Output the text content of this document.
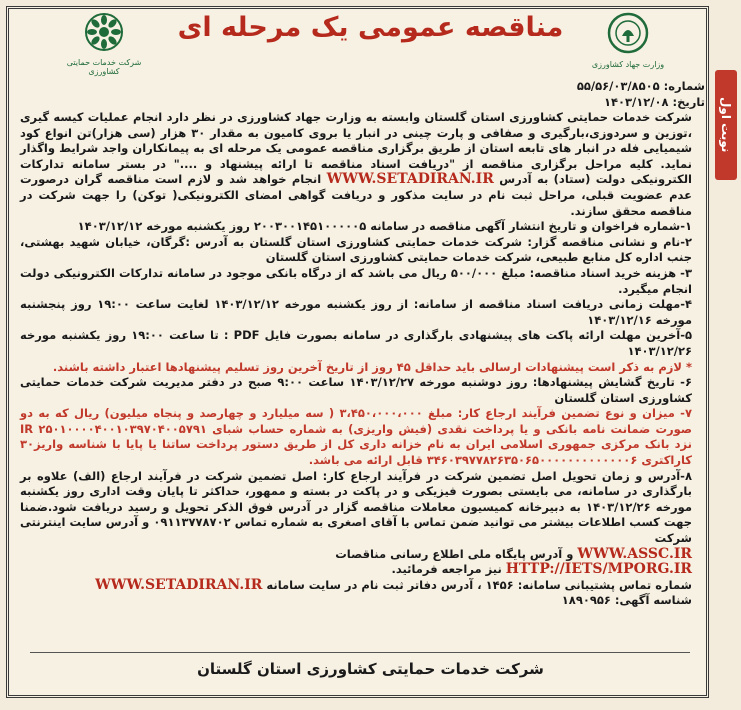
نوبت اول
شرکت خدمات حمایتی کشاورزی
وزارت جهاد کشاورزی
مناقصه عمومی یک مرحله ای
شماره: ۵۵/۵۶/۰۳/۸۵۰۵
تاریخ: ۱۴۰۳/۱۲/۰۸

شرکت خدمات حمایتی کشاورزی استان گلستان وابسته به وزارت جهاد کشاورزی در نظر دارد انجام عملیات کیسه گیری ،توزین و سردوزی،بارگیری و صفافی و پارت چینی در انبار یا بروی کامیون به مقدار ۳۰ هزار (سی هزار)تن انواع کود شیمیایی فله در انبار های تابعه استان از طریق برگزاری مناقصه عمومی یک مرحله ای به پیمانکاران واجد شرایط واگذار نماید. کلیه مراحل برگزاری مناقصه از "دریافت اسناد مناقصه تا ارائه پیشنهاد و ...." در بستر سامانه تدارکات الکترونیکی دولت (ستاد) به آدرس WWW.SETADIRAN.IR انجام خواهد شد و لازم است مناقصه گران درصورت عدم عضویت قبلی، مراحل ثبت نام در سایت مذکور و دریافت گواهی امضای الکترونیکی( توکن) را جهت شرکت در مناقصه محقق سازند.

۱-شماره فراخوان و تاریخ انتشار آگهی مناقصه در سامانه ۲۰۰۳۰۰۱۴۵۱۰۰۰۰۰۵ روز یکشنبه مورخه ۱۴۰۳/۱۲/۱۲

۲-نام و نشانی مناقصه گزار: شرکت خدمات حمایتی کشاورزی استان گلستان به آدرس :گرگان، خیابان شهید بهشتی، جنب اداره کل منابع طبیعی، شرکت خدمات حمایتی کشاورزی استان گلستان

۳- هزینه خرید اسناد مناقصه: مبلغ ۵۰۰/۰۰۰ ریال می باشد که از درگاه بانکی موجود در سامانه تدارکات الکترونیکی دولت انجام میگیرد.

۴-مهلت زمانی دریافت اسناد مناقصه از سامانه: از روز یکشنبه مورخه ۱۴۰۳/۱۲/۱۲ لغایت ساعت ۱۹:۰۰ روز پنجشنبه مورخه ۱۴۰۳/۱۲/۱۶

۵-آخرین مهلت ارائه پاکت های پیشنهادی بارگذاری در سامانه بصورت فایل PDF : تا ساعت ۱۹:۰۰ روز یکشنبه مورخه ۱۴۰۳/۱۲/۲۶

* لازم به ذکر است پیشنهادات ارسالی باید حداقل ۴۵ روز از تاریخ آخرین روز تسلیم پیشنهادها اعتبار داشته باشند.

۶- تاریخ گشایش پیشنهادها: روز دوشنبه مورخه ۱۴۰۳/۱۲/۲۷ ساعت ۹:۰۰ صبح در دفتر مدیریت شرکت خدمات حمایتی کشاورزی استان گلستان

۷- میزان و نوع تضمین فرآیند ارجاع کار: مبلغ ۳،۴۵۰،۰۰۰،۰۰۰ ( سه میلیارد و چهارصد و پنجاه میلیون) ریال که به دو صورت ضمانت نامه بانکی و یا پرداخت نقدی (فیش واریزی) به شماره حساب شبای IR ۲۵۰۱۰۰۰۰۴۰۰۱۰۳۹۷۰۴۰۰۵۷۹۱ نزد بانک مرکزی جمهوری اسلامی ایران به نام خزانه داری کل از طریق دستور پرداخت ساتنا یا پایا با شناسه واریز۳۰ کاراکتری ۳۴۶۰۳۹۷۷۸۲۶۳۵۰۶۵۰۰۰۰۰۰۰۰۰۰۰۰۰۶ قابل ارائه می باشد.

۸-آدرس و زمان تحویل اصل تضمین شرکت در فرآیند ارجاع کار: اصل تضمین شرکت در فرآیند ارجاع (الف) علاوه بر بارگذاری در سامانه، می بایستی بصورت فیزیکی و در پاکت در بسته و ممهور، حداکثر تا پایان وقت اداری روز یکشنبه مورخه ۱۴۰۳/۱۲/۲۶ به دبیرخانه کمیسیون معاملات مناقصه گزار در آدرس فوق الذکر تحویل و رسید دریافت شود.ضمنا جهت کسب اطلاعات بیشتر می توانید ضمن تماس با آقای اصغری به شماره تماس ۰۹۱۱۳۷۷۸۷۰۲ و آدرس سایت اینترنتی شرکت

WWW.ASSC.IR و آدرس پایگاه ملی اطلاع رسانی مناقصات

HTTP://IETS/MPORG.IR نیز مراجعه فرمائید.

شماره تماس پشتیبانی سامانه: ۱۴۵۶ ، آدرس دفاتر ثبت نام در سایت سامانه WWW.SETADIRAN.IR

شناسه آگهی: ۱۸۹۰۹۵۶

شرکت خدمات حمایتی کشاورزی استان گلستان
